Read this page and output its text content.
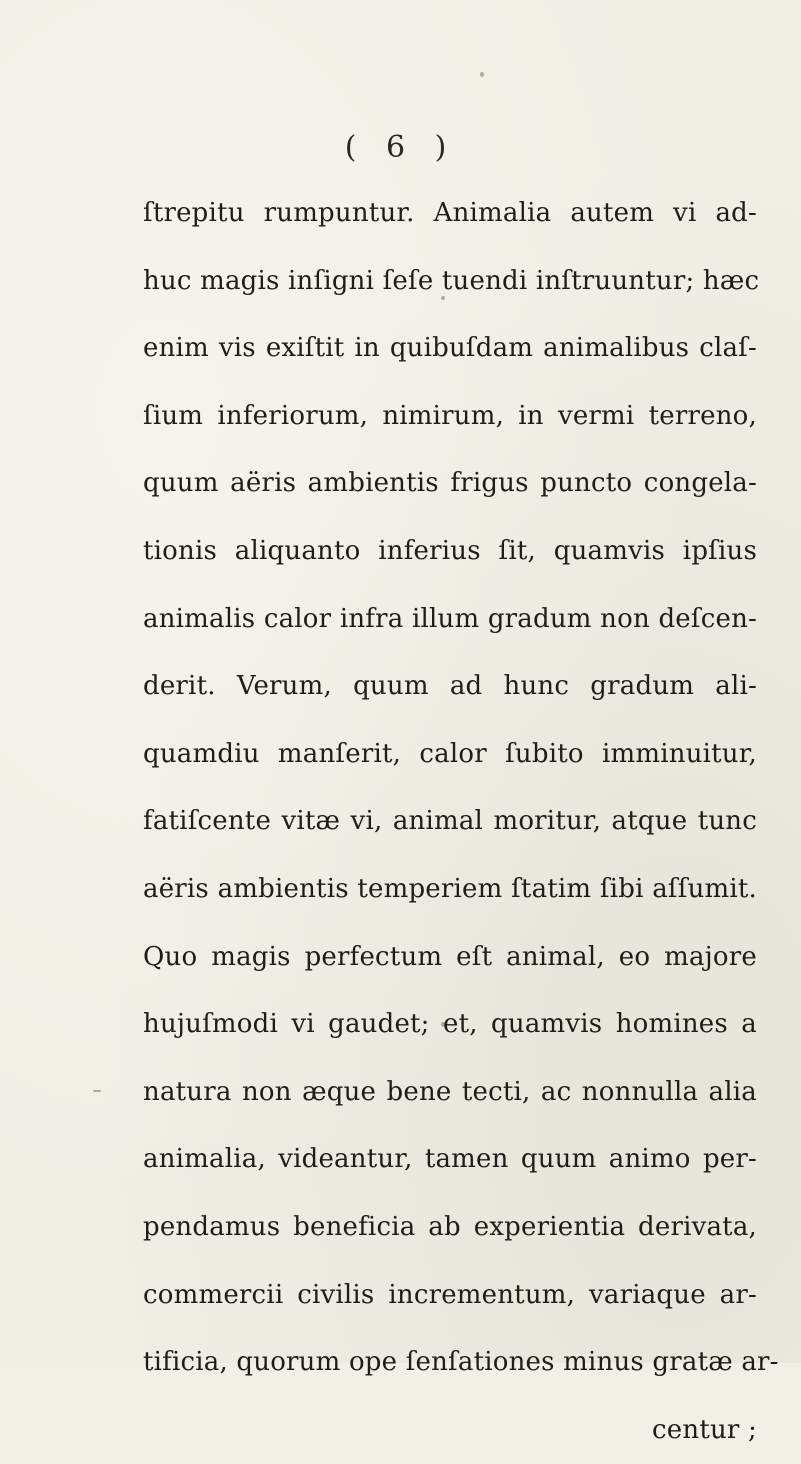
( 6 )
ſtrepitu rumpuntur. Animalia autem vi ad-
huc magis inſigni ſeſe tuendi inſtruuntur; hæc
enim vis exiſtit in quibuſdam animalibus claſ-
ſium inferiorum, nimirum, in vermi terreno,
quum aëris ambientis frigus puncto congela-
tionis aliquanto inferius ſit, quamvis ipſius
animalis calor infra illum gradum non deſcen-
derit. Verum, quum ad hunc gradum ali-
quamdiu manſerit, calor ſubito imminuitur,
fatiſcente vitæ vi, animal moritur, atque tunc
aëris ambientis temperiem ſtatim ſibi aſſumit.
Quo magis perfectum eſt animal, eo majore
hujuſmodi vi gaudet; et, quamvis homines a
natura non æque bene tecti, ac nonnulla alia
animalia, videantur, tamen quum animo per-
pendamus beneficia ab experientia derivata,
commercii civilis incrementum, variaque ar-
tificia, quorum ope ſenſationes minus gratæ ar-
centur ;
